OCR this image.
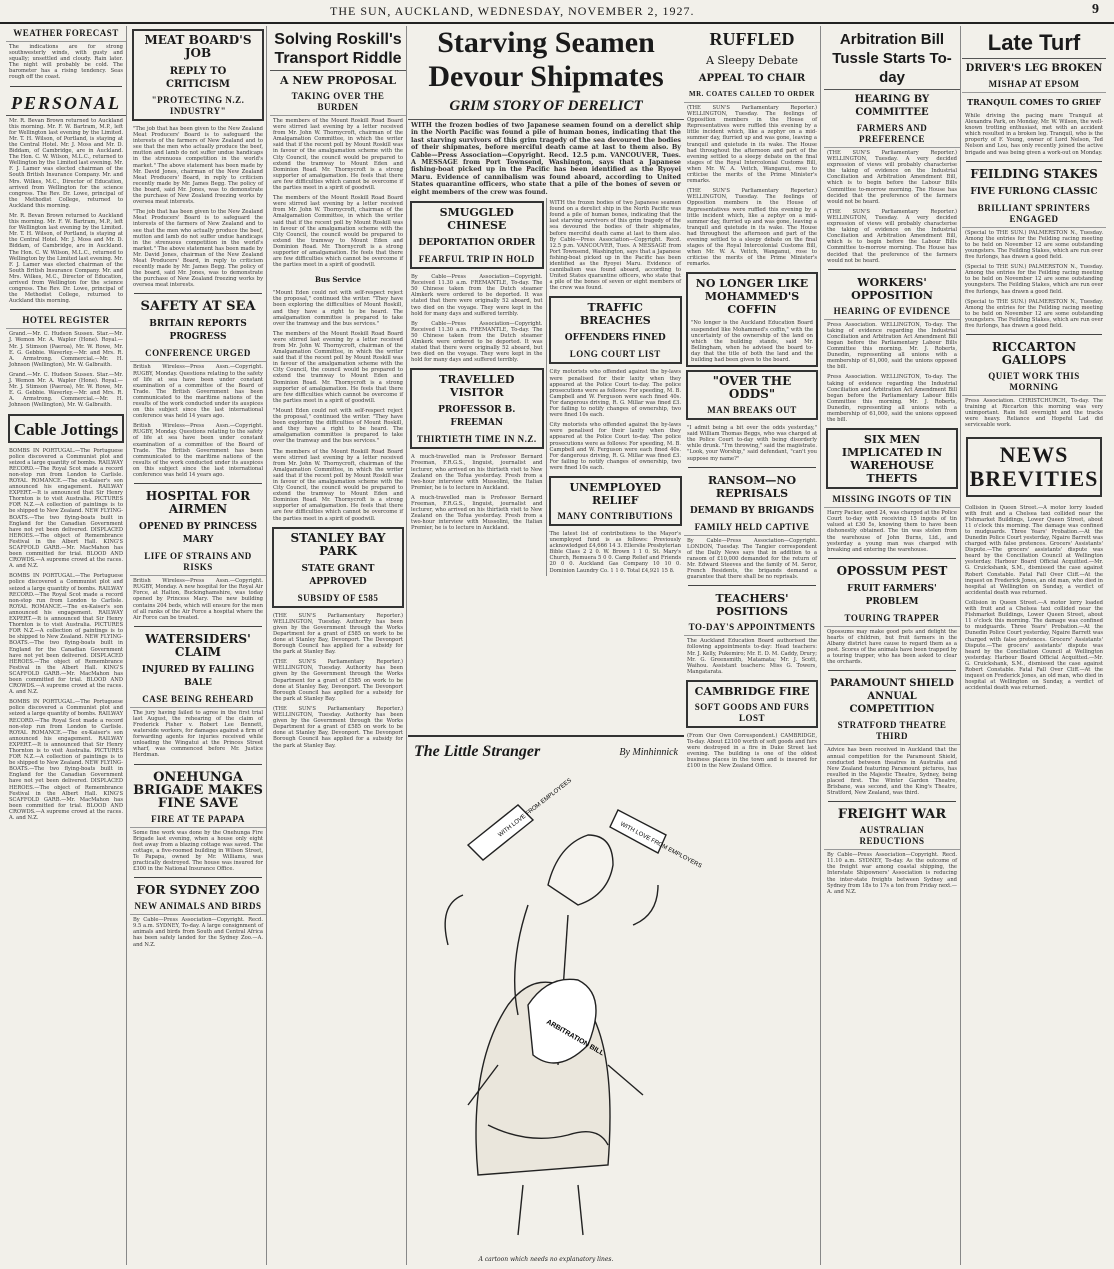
THE SUN, AUCKLAND, WEDNESDAY, NOVEMBER 2, 1927.	9
WEATHER FORECAST
The indications are for strong southwesterly winds, with gusty and squally; unsettled and cloudy. Rain later. The night will probably be cold. The barometer has a rising tendency. Seas rough off the coast.
PERSONAL
Mr. R. Bevan Brown returned to Auckland this morning. Mr. F. W. Bartram, M.P., left for Wellington last evening by the Limited. Mr. T. H. Wilson, of Portland, is staying at the Central Hotel. Mr. J. Moss and Mr. D. Biddam, of Cambridge, are in Auckland. The Hon. C. W. Wilson, M.L.C., returned to Wellington by the Limited last evening. Mr. F. J. Lamer was elected chairman of the South British Insurance Company. Mr. and Mrs. Wilkes, M.C., Director of Education, arrived from Wellington for the science congress. The Rev. Dr. Lowe, principal of the Methodist College, returned to Auckland this morning.
Mr. R. Bevan Brown returned to Auckland this morning. Mr. F. W. Bartram, M.P., left for Wellington last evening by the Limited. Mr. T. H. Wilson, of Portland, is staying at the Central Hotel. Mr. J. Moss and Mr. D. Biddam, of Cambridge, are in Auckland. The Hon. C. W. Wilson, M.L.C., returned to Wellington by the Limited last evening. Mr. F. J. Lamer was elected chairman of the South British Insurance Company. Mr. and Mrs. Wilkes, M.C., Director of Education, arrived from Wellington for the science congress. The Rev. Dr. Lowe, principal of the Methodist College, returned to Auckland this morning.
HOTEL REGISTER
Grand.—Mr. C. Hudson Sussex. Star.—Mr. J. Wemon Mr. A. Wapler (Hone). Royal.—Mr. J. Stimson (Paeroa), Mr. W. Rowe, Mr. E. G. Gebbie. Waverley.—Mr. and Mrs. R. A. Armstrong. Commercial.—Mr. H. Johnson (Wellington), Mr. W. Galbraith.
Grand.—Mr. C. Hudson Sussex. Star.—Mr. J. Wemon Mr. A. Wapler (Hone). Royal.—Mr. J. Stimson (Paeroa), Mr. W. Rowe, Mr. E. G. Gebbie. Waverley.—Mr. and Mrs. R. A. Armstrong. Commercial.—Mr. H. Johnson (Wellington), Mr. W. Galbraith.
Cable Jottings
BOMBS IN PORTUGAL.—The Portuguese police discovered a Communist plot and seized a large quantity of bombs. RAILWAY RECORD.—The Royal Scot made a record non-stop run from London to Carlisle. ROYAL ROMANCE.—The ex-Kaiser's son announced his engagement. RAILWAY EXPERT.—It is announced that Sir Henry Thornton is to visit Australia. PICTURES FOR N.Z.—A collection of paintings is to be shipped to New Zealand. NEW FLYING-BOATS.—The two flying-boats built in England for the Canadian Government have not yet been delivered. DISPLACED HEROES.—The object of Remembrance Festival in the Albert Hall. KING'S SCAFFOLD GARB.—Mr. MacMahon has been committed for trial. BLOOD AND CROWDS.—A supreme crowd at the races. A. and N.Z.
BOMBS IN PORTUGAL.—The Portuguese police discovered a Communist plot and seized a large quantity of bombs. RAILWAY RECORD.—The Royal Scot made a record non-stop run from London to Carlisle. ROYAL ROMANCE.—The ex-Kaiser's son announced his engagement. RAILWAY EXPERT.—It is announced that Sir Henry Thornton is to visit Australia. PICTURES FOR N.Z.—A collection of paintings is to be shipped to New Zealand. NEW FLYING-BOATS.—The two flying-boats built in England for the Canadian Government have not yet been delivered. DISPLACED HEROES.—The object of Remembrance Festival in the Albert Hall. KING'S SCAFFOLD GARB.—Mr. MacMahon has been committed for trial. BLOOD AND CROWDS.—A supreme crowd at the races. A. and N.Z.
BOMBS IN PORTUGAL.—The Portuguese police discovered a Communist plot and seized a large quantity of bombs. RAILWAY RECORD.—The Royal Scot made a record non-stop run from London to Carlisle. ROYAL ROMANCE.—The ex-Kaiser's son announced his engagement. RAILWAY EXPERT.—It is announced that Sir Henry Thornton is to visit Australia. PICTURES FOR N.Z.—A collection of paintings is to be shipped to New Zealand. NEW FLYING-BOATS.—The two flying-boats built in England for the Canadian Government have not yet been delivered. DISPLACED HEROES.—The object of Remembrance Festival in the Albert Hall. KING'S SCAFFOLD GARB.—Mr. MacMahon has been committed for trial. BLOOD AND CROWDS.—A supreme crowd at the races. A. and N.Z.
MEAT BOARD'S JOB
REPLY TO CRITICISM
"PROTECTING N.Z. INDUSTRY"
"The job that has been given to the New Zealand Meat Producers' Board is to safeguard the interests of the farmers of New Zealand and to see that the men who actually produce the beef, mutton and lamb do not suffer undue handicaps in the strenuous competition in the world's market." The above statement has been made by Mr. David Jones, chairman of the New Zealand Meat Producers' Board, in reply to criticism recently made by Mr. James Begg. The policy of the board, said Mr. Jones, was to demonstrate the purchase of New Zealand freezing works by oversea meat interests.
"The job that has been given to the New Zealand Meat Producers' Board is to safeguard the interests of the farmers of New Zealand and to see that the men who actually produce the beef, mutton and lamb do not suffer undue handicaps in the strenuous competition in the world's market." The above statement has been made by Mr. David Jones, chairman of the New Zealand Meat Producers' Board, in reply to criticism recently made by Mr. James Begg. The policy of the board, said Mr. Jones, was to demonstrate the purchase of New Zealand freezing works by oversea meat interests.
SAFETY AT SEA
BRITAIN REPORTS PROGRESS
CONFERENCE URGED
British Wireless—Press Assn.—Copyright. RUGBY, Monday. Questions relating to the safety of life at sea have been under constant examination of a committee of the Board of Trade. The British Government has been communicated to the maritime nations of the results of the work conducted under its auspices on this subject since the last international conference was held 14 years ago.
British Wireless—Press Assn.—Copyright. RUGBY, Monday. Questions relating to the safety of life at sea have been under constant examination of a committee of the Board of Trade. The British Government has been communicated to the maritime nations of the results of the work conducted under its auspices on this subject since the last international conference was held 14 years ago.
HOSPITAL FOR AIRMEN
OPENED BY PRINCESS MARY
LIFE OF STRAINS AND RISKS
British Wireless—Press Assn.—Copyright. RUGBY, Monday. A new hospital for the Royal Air Force, at Halton, Buckinghamshire, was today opened by Princess Mary. The new building contains 204 beds, which will ensure for the men of all ranks of the Air Force a hospital where the Air Force can be treated.
WATERSIDERS' CLAIM
INJURED BY FALLING BALE
CASE BEING REHEARD
The jury having failed to agree in the first trial last August, the rehearing of the claim of Frederick Fisher v. Robert Lee Bennett, waterside workers, for damages against a firm of forwarding agents for injuries received while unloading the Wingatui at the Princes Street wharf, was commenced before Mr. Justice Herdman.
ONEHUNGA BRIGADE MAKES FINE SAVE
FIRE AT TE PAPAPA
Some fine work was done by the Onehunga Fire Brigade last evening, when a house only eight feet away from a blazing cottage was saved. The cottage, a five-roomed building in Wilson Street, Te Papapa, owned by Mr. Williams, was practically destroyed. The house was insured for £300 in the National Insurance Office.
FOR SYDNEY ZOO
NEW ANIMALS AND BIRDS
By Cable—Press Association—Copyright. Recd. 9.5 a.m. SYDNEY, To-day. A large consignment of animals and birds from South and Central Africa has been safely landed for the Sydney Zoo.—A. and N.Z.
Solving Roskill's Transport Riddle
A NEW PROPOSAL
TAKING OVER THE BURDEN
The members of the Mount Roskill Road Board were stirred last evening by a letter received from Mr. John W. Thornycroft, chairman of the Amalgamation Committee, in which the writer said that if the recent poll by Mount Roskill was in favour of the amalgamation scheme with the City Council, the council would be prepared to extend the tramway to Mount Eden and Dominion Road. Mr. Thornycroft is a strong supporter of amalgamation. He feels that there are few difficulties which cannot be overcome if the parties meet in a spirit of goodwill.
The members of the Mount Roskill Road Board were stirred last evening by a letter received from Mr. John W. Thornycroft, chairman of the Amalgamation Committee, in which the writer said that if the recent poll by Mount Roskill was in favour of the amalgamation scheme with the City Council, the council would be prepared to extend the tramway to Mount Eden and Dominion Road. Mr. Thornycroft is a strong supporter of amalgamation. He feels that there are few difficulties which cannot be overcome if the parties meet in a spirit of goodwill.
Bus Service
"Mount Eden could not with self-respect reject the proposal," continued the writer. "They have been exploring the difficulties of Mount Roskill, and they have a right to be heard. The amalgamation committee is prepared to take over the tramway and the bus services."
The members of the Mount Roskill Road Board were stirred last evening by a letter received from Mr. John W. Thornycroft, chairman of the Amalgamation Committee, in which the writer said that if the recent poll by Mount Roskill was in favour of the amalgamation scheme with the City Council, the council would be prepared to extend the tramway to Mount Eden and Dominion Road. Mr. Thornycroft is a strong supporter of amalgamation. He feels that there are few difficulties which cannot be overcome if the parties meet in a spirit of goodwill.
"Mount Eden could not with self-respect reject the proposal," continued the writer. "They have been exploring the difficulties of Mount Roskill, and they have a right to be heard. The amalgamation committee is prepared to take over the tramway and the bus services."
The members of the Mount Roskill Road Board were stirred last evening by a letter received from Mr. John W. Thornycroft, chairman of the Amalgamation Committee, in which the writer said that if the recent poll by Mount Roskill was in favour of the amalgamation scheme with the City Council, the council would be prepared to extend the tramway to Mount Eden and Dominion Road. Mr. Thornycroft is a strong supporter of amalgamation. He feels that there are few difficulties which cannot be overcome if the parties meet in a spirit of goodwill.
STANLEY BAY PARK
STATE GRANT APPROVED
SUBSIDY OF £585
(THE SUN'S Parliamentary Reporter.) WELLINGTON, Tuesday. Authority has been given by the Government through the Works Department for a grant of £585 on work to be done at Stanley Bay, Devonport. The Devonport Borough Council has applied for a subsidy for the park at Stanley Bay.
(THE SUN'S Parliamentary Reporter.) WELLINGTON, Tuesday. Authority has been given by the Government through the Works Department for a grant of £585 on work to be done at Stanley Bay, Devonport. The Devonport Borough Council has applied for a subsidy for the park at Stanley Bay.
(THE SUN'S Parliamentary Reporter.) WELLINGTON, Tuesday. Authority has been given by the Government through the Works Department for a grant of £585 on work to be done at Stanley Bay, Devonport. The Devonport Borough Council has applied for a subsidy for the park at Stanley Bay.
Starving Seamen Devour Shipmates
GRIM STORY OF DERELICT
WITH the frozen bodies of two Japanese seamen found on a derelict ship in the North Pacific was found a pile of human bones, indicating that the last starving survivors of this grim tragedy of the sea devoured the bodies of their shipmates, before merciful death came at last to them also. By Cable—Press Association—Copyright. Recd. 12.5 p.m. VANCOUVER, Tues. A MESSAGE from Port Townsend, Washington, says that a Japanese fishing-boat picked up in the Pacific has been identified as the Ryoyei Maru. Evidence of cannibalism was found aboard, according to United States quarantine officers, who state that a pile of the bones of seven or eight members of the crew was found.
SMUGGLED CHINESE
DEPORTATION ORDER
FEARFUL TRIP IN HOLD
By Cable—Press Association—Copyright. Received 11.30 a.m. FREMANTLE, To-day. The 50 Chinese taken from the Dutch steamer Almkerk were ordered to be deported. It was stated that there were originally 52 aboard, but two died on the voyage. They were kept in the hold for many days and suffered terribly.
By Cable—Press Association—Copyright. Received 11.30 a.m. FREMANTLE, To-day. The 50 Chinese taken from the Dutch steamer Almkerk were ordered to be deported. It was stated that there were originally 52 aboard, but two died on the voyage. They were kept in the hold for many days and suffered terribly.
TRAVELLED VISITOR
PROFESSOR B. FREEMAN
THIRTIETH TIME IN N.Z.
A much-travelled man is Professor Bernard Freeman, F.R.G.S., linguist, journalist and lecturer, who arrived on his thirtieth visit to New Zealand on the Tofua yesterday. Fresh from a two-hour interview with Mussolini, the Italian Premier, he is to lecture in Auckland.
A much-travelled man is Professor Bernard Freeman, F.R.G.S., linguist, journalist and lecturer, who arrived on his thirtieth visit to New Zealand on the Tofua yesterday. Fresh from a two-hour interview with Mussolini, the Italian Premier, he is to lecture in Auckland.
WITH the frozen bodies of two Japanese seamen found on a derelict ship in the North Pacific was found a pile of human bones, indicating that the last starving survivors of this grim tragedy of the sea devoured the bodies of their shipmates, before merciful death came at last to them also. By Cable—Press Association—Copyright. Recd. 12.5 p.m. VANCOUVER, Tues. A MESSAGE from Port Townsend, Washington, says that a Japanese fishing-boat picked up in the Pacific has been identified as the Ryoyei Maru. Evidence of cannibalism was found aboard, according to United States quarantine officers, who state that a pile of the bones of seven or eight members of the crew was found.
TRAFFIC BREACHES
OFFENDERS FINED
LONG COURT LIST
City motorists who offended against the by-laws were penalised for their laxity when they appeared at the Police Court to-day. The police prosecutions were as follows: For speeding, M. B. Campbell and W. Ferguson were each fined 40s. For dangerous driving, R. G. Millar was fined £3. For failing to notify changes of ownership, two were fined 10s each.
City motorists who offended against the by-laws were penalised for their laxity when they appeared at the Police Court to-day. The police prosecutions were as follows: For speeding, M. B. Campbell and W. Ferguson were each fined 40s. For dangerous driving, R. G. Millar was fined £3. For failing to notify changes of ownership, two were fined 10s each.
UNEMPLOYED RELIEF
MANY CONTRIBUTIONS
The latest list of contributions to the Mayor's unemployed fund is as follows: Previously acknowledged £4,666 14 3. Ellerslie Presbyterian Bible Class 2 2 0. W. Brown 1 1 0. St. Mary's Church, Remuera 5 0 0. Camp Relief and Friends 20 0 0. Auckland Gas Company 10 10 0. Dominion Laundry Co. 1 1 0. Total £4,921 15 8.
The Little Stranger	By Minhinnick
WITH LOVE FROM EMPLOYEES
WITH LOVE FROM EMPLOYERS
ARBITRATION BILL
A cartoon which needs no explanatory lines.
RUFFLED
A Sleepy Debate
APPEAL TO CHAIR
MR. COATES CALLED TO ORDER
(THE SUN'S Parliamentary Reporter.) WELLINGTON, Tuesday. The feelings of Opposition members in the House of Representatives were ruffled this evening by a little incident which, like a zephyr on a mid-summer day, flurried up and was gone, leaving a tranquil and quietude in its wake. The House had throughout the afternoon and part of the evening settled to a sleepy debate on the final stages of the Royal Intercolonial Customs Bill, when Mr. W. A. Veitch, Wanganui, rose to criticise the merits of the Prime Minister's remarks.
(THE SUN'S Parliamentary Reporter.) WELLINGTON, Tuesday. The feelings of Opposition members in the House of Representatives were ruffled this evening by a little incident which, like a zephyr on a mid-summer day, flurried up and was gone, leaving a tranquil and quietude in its wake. The House had throughout the afternoon and part of the evening settled to a sleepy debate on the final stages of the Royal Intercolonial Customs Bill, when Mr. W. A. Veitch, Wanganui, rose to criticise the merits of the Prime Minister's remarks.
NO LONGER LIKE MOHAMMED'S COFFIN
"No longer is the Auckland Education Board suspended like Mohammed's coffin," with the uncertainty of the ownership of the land on which the building stands, said Mr. Bellingham, when he advised the board to-day that the title of both the land and the building had been given to the board.
"OVER THE ODDS"
MAN BREAKS OUT
"I admit being a bit over the odds yesterday," said William Thomas Beggs, who was charged at the Police Court to-day with being disorderly while drunk. "I'm throwing," said the magistrate. "Look, your Worship," said defendant, "can't you suppose my name?"
RANSOM—NO REPRISALS
DEMAND BY BRIGANDS
FAMILY HELD CAPTIVE
By Cable—Press Association—Copyright. LONDON, Tuesday. The Tangier correspondent of the Daily News says that in addition to a ransom of £10,000 demanded for the return of Mr. Edward Steeves and the family of M. Seror, French Residents, the brigands demand a guarantee that there shall be no reprisals.
TEACHERS' POSITIONS
TO-DAY'S APPOINTMENTS
The Auckland Education Board authorised the following appointments to-day: Head teachers: Mr. J. Kelly, Pukemiro; Mr. E. D. M. Caddy, Drury; Mr. G. Greensmith, Matamata; Mr. J. Scott, Waihou. Assistant teachers: Miss G. Towers, Mangatarata.
CAMBRIDGE FIRE
SOFT GOODS AND FURS LOST
(From Our Own Correspondent.) CAMBRIDGE, To-day. About £2100 worth of soft goods and furs were destroyed in a fire in Duke Street last evening. The building is one of the oldest business places in the town and is insured for £100 in the New Zealand Office.
Arbitration Bill Tussle Starts To-day
HEARING BY COMMITTEE
FARMERS AND PREFERENCE
(THE SUN'S Parliamentary Reporter.) WELLINGTON, Tuesday. A very decided expression of views will probably characterise the taking of evidence on the Industrial Conciliation and Arbitration Amendment Bill, which is to begin before the Labour Bills Committee to-morrow morning. The House has decided that the preference of the farmers would not be heard.
(THE SUN'S Parliamentary Reporter.) WELLINGTON, Tuesday. A very decided expression of views will probably characterise the taking of evidence on the Industrial Conciliation and Arbitration Amendment Bill, which is to begin before the Labour Bills Committee to-morrow morning. The House has decided that the preference of the farmers would not be heard.
WORKERS' OPPOSITION
HEARING OF EVIDENCE
Press Association. WELLINGTON, To-day. The taking of evidence regarding the Industrial Conciliation and Arbitration Act Amendment Bill began before the Parliamentary Labour Bills Committee this morning. Mr. J. Roberts, Dunedin, representing all unions with a membership of 61,000, said the unions opposed the bill.
Press Association. WELLINGTON, To-day. The taking of evidence regarding the Industrial Conciliation and Arbitration Act Amendment Bill began before the Parliamentary Labour Bills Committee this morning. Mr. J. Roberts, Dunedin, representing all unions with a membership of 61,000, said the unions opposed the bill.
SIX MEN IMPLICATED IN WAREHOUSE THEFTS
MISSING INGOTS OF TIN
Harry Packer, aged 24, was charged at the Police Court to-day with receiving 15 ingots of tin valued at £30 5s, knowing them to have been dishonestly obtained. The tin was stolen from the warehouse of John Burns, Ltd., and yesterday a young man was charged with breaking and entering the warehouse.
OPOSSUM PEST
FRUIT FARMERS' PROBLEM
TOURING TRAPPER
Opossums may make good pets and delight the hearts of children, but fruit farmers in the Albany district have cause to regard them as a pest. Scores of the animals have been trapped by a touring trapper, who has been asked to clear the orchards.
PARAMOUNT SHIELD ANNUAL COMPETITION
STRATFORD THEATRE THIRD
Advice has been received in Auckland that the annual competition for the Paramount Shield, conducted between theatres in Australia and New Zealand featuring Paramount pictures, has resulted in the Majestic Theatre, Sydney, being placed first. The Winter Garden Theatre, Brisbane, was second, and the King's Theatre, Stratford, New Zealand, was third.
FREIGHT WAR
AUSTRALIAN REDUCTIONS
By Cable—Press Association—Copyright. Recd. 11.10 a.m. SYDNEY, To-day. As the outcome of the freight war among coastal shipping, the Interstate Shipowners' Association is reducing the inter-state freights between Sydney and Sydney from 18s to 17s a ton from Friday next.—A. and N.Z.
Late Turf
DRIVER'S LEG BROKEN
MISHAP AT EPSOM
TRANQUIL COMES TO GRIEF
While driving the pacing mare Tranquil at Alexandra Park, on Monday, Mr. W. Wilson, the well-known trotting enthusiast, met with an accident which resulted in a broken leg. Tranquil, who is the property of F. Young, owner of Lord Nelson, Ted Nelson and Lou, has only recently joined the active brigade and was being given a work-out on Monday.
FEILDING STAKES
FIVE FURLONG CLASSIC
BRILLIANT SPRINTERS ENGAGED
(Special to THE SUN.) PALMERSTON N., Tuesday. Among the entries for the Feilding racing meeting to be held on November 12 are some outstanding youngsters. The Feilding Stakes, which are run over five furlongs, has drawn a good field.
(Special to THE SUN.) PALMERSTON N., Tuesday. Among the entries for the Feilding racing meeting to be held on November 12 are some outstanding youngsters. The Feilding Stakes, which are run over five furlongs, has drawn a good field.
(Special to THE SUN.) PALMERSTON N., Tuesday. Among the entries for the Feilding racing meeting to be held on November 12 are some outstanding youngsters. The Feilding Stakes, which are run over five furlongs, has drawn a good field.
RICCARTON GALLOPS
QUIET WORK THIS MORNING
Press Association. CHRISTCHURCH, To-day. The training at Riccarton this morning was very unimportant. Rain fell overnight and the tracks were heavy. Reliance and Hopeful Lad did serviceable work.
NEWS BREVITIES
Collision in Queen Street.—A motor lorry loaded with fruit and a Chelsea taxi collided near the Fishmarket Buildings, Lower Queen Street, about 11 o'clock this morning. The damage was confined to mudguards. Three Years' Probation.—At the Dunedin Police Court yesterday, Ngaire Barrett was charged with false pretences. Grocers' Assistants' Dispute.—The grocers' assistants' dispute was heard by the Conciliation Council at Wellington yesterday. Harbour Board Official Acquitted.—Mr. G. Cruickshank, S.M., dismissed the case against Robert Constable. Fatal Fall Over Cliff.—At the inquest on Frederick Jones, an old man, who died in hospital at Wellington on Sunday, a verdict of accidental death was returned.
Collision in Queen Street.—A motor lorry loaded with fruit and a Chelsea taxi collided near the Fishmarket Buildings, Lower Queen Street, about 11 o'clock this morning. The damage was confined to mudguards. Three Years' Probation.—At the Dunedin Police Court yesterday, Ngaire Barrett was charged with false pretences. Grocers' Assistants' Dispute.—The grocers' assistants' dispute was heard by the Conciliation Council at Wellington yesterday. Harbour Board Official Acquitted.—Mr. G. Cruickshank, S.M., dismissed the case against Robert Constable. Fatal Fall Over Cliff.—At the inquest on Frederick Jones, an old man, who died in hospital at Wellington on Sunday, a verdict of accidental death was returned.
